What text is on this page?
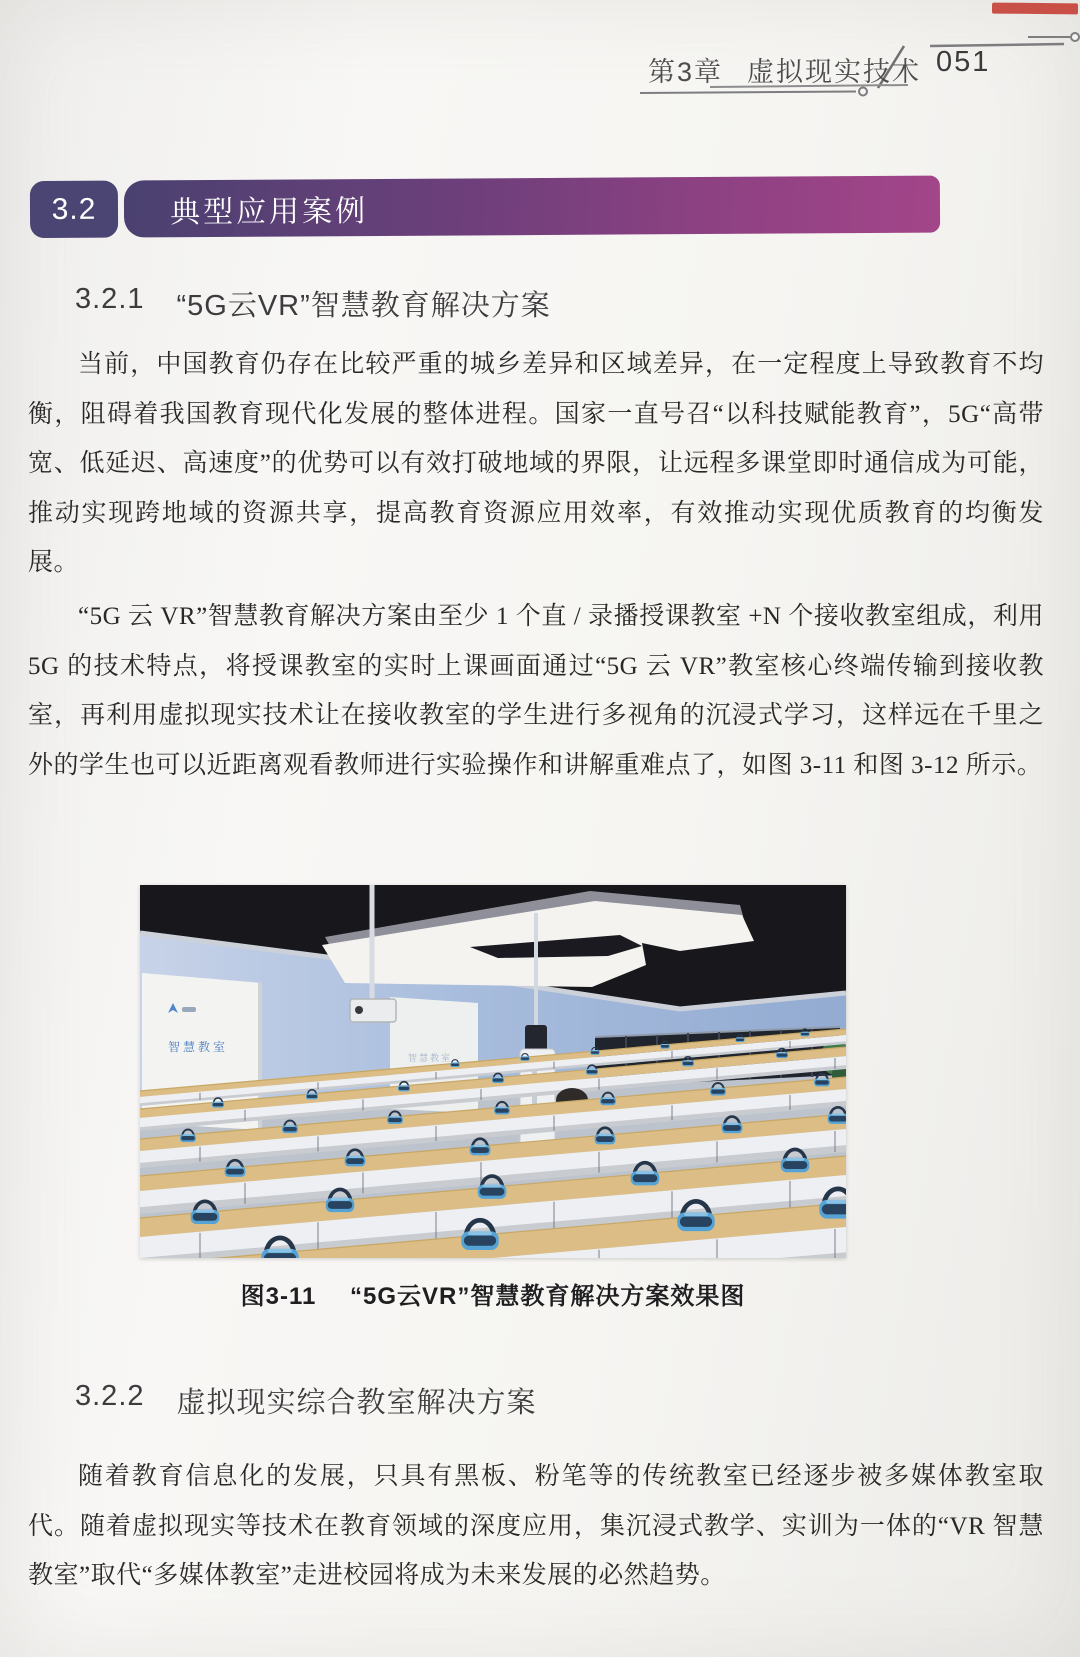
第3章 虚拟现实技术 051
3.2	典型应用案例
3.2.1 “5G云VR”智慧教育解决方案
当前，中国教育仍存在比较严重的城乡差异和区域差异，在一定程度上导致教育不均衡，阻碍着我国教育现代化发展的整体进程。国家一直号召“以科技赋能教育”，5G“高带宽、低延迟、高速度”的优势可以有效打破地域的界限，让远程多课堂即时通信成为可能，推动实现跨地域的资源共享，提高教育资源应用效率，有效推动实现优质教育的均衡发展。
“5G 云 VR”智慧教育解决方案由至少 1 个直 / 录播授课教室 +N 个接收教室组成，利用 5G 的技术特点，将授课教室的实时上课画面通过“5G 云 VR”教室核心终端传输到接收教室，再利用虚拟现实技术让在接收教室的学生进行多视角的沉浸式学习，这样远在千里之外的学生也可以近距离观看教师进行实验操作和讲解重难点了，如图 3-11 和图 3-12 所示。
智慧教室
智慧教室
图3-11 “5G云VR”智慧教育解决方案效果图
3.2.2 虚拟现实综合教室解决方案
随着教育信息化的发展，只具有黑板、粉笔等的传统教室已经逐步被多媒体教室取代。随着虚拟现实等技术在教育领域的深度应用，集沉浸式教学、实训为一体的“VR 智慧教室”取代“多媒体教室”走进校园将成为未来发展的必然趋势。
